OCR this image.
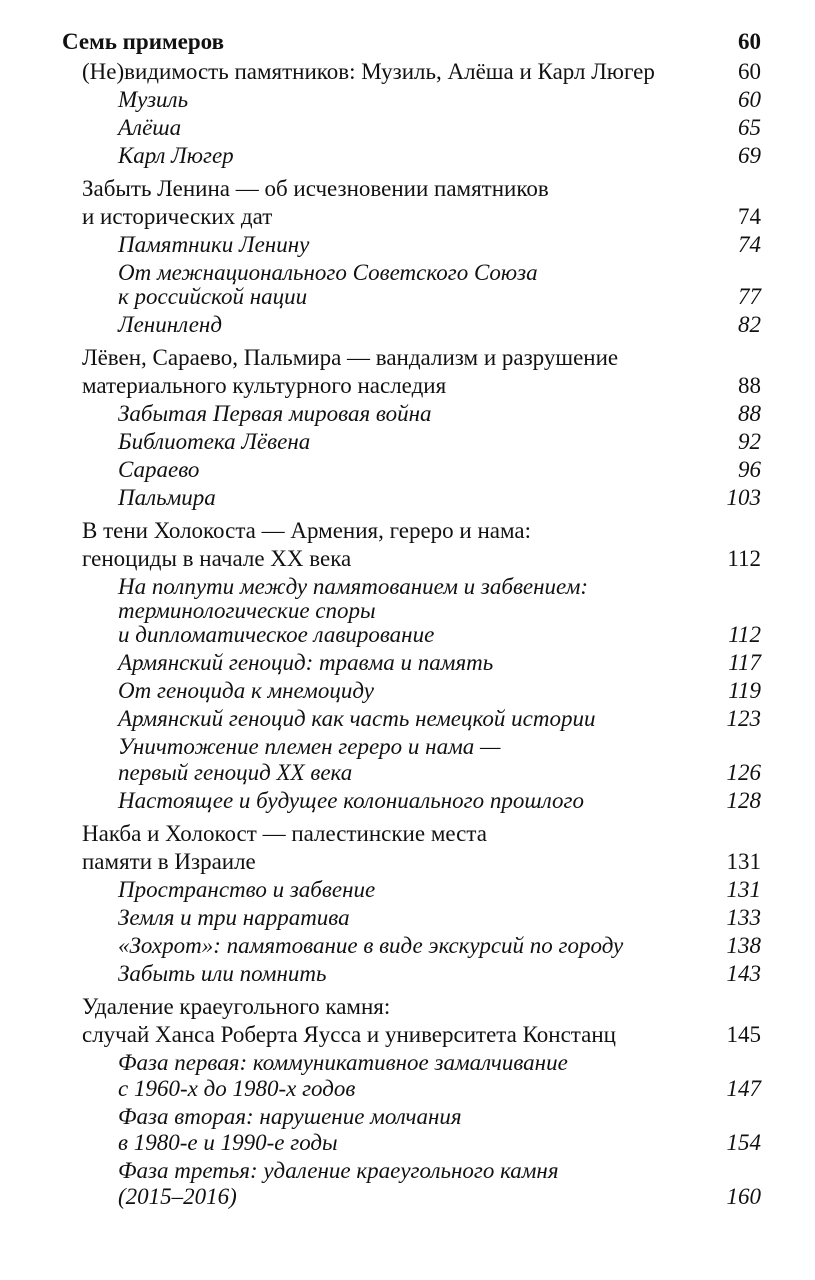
Семь примеров	60
(Не)видимость памятников: Музиль, Алёша и Карл Люгер	60
Музиль	60
Алёша	65
Карл Люгер	69
Забыть Ленина — об исчезновении памятников
и исторических дат	74
Памятники Ленину	74
От межнационального Советского Союза
к российской нации	77
Ленинленд	82
Лёвен, Сараево, Пальмира — вандализм и разрушение
материального культурного наследия	88
Забытая Первая мировая война	88
Библиотека Лёвена	92
Сараево	96
Пальмира	103
В тени Холокоста — Армения, гереро и нама:
геноциды в начале XX века	112
На полпути между памятованием и забвением:
терминологические споры
и дипломатическое лавирование	112
Армянский геноцид: травма и память	117
От геноцида к мнемоциду	119
Армянский геноцид как часть немецкой истории	123
Уничтожение племен гереро и нама —
первый геноцид XX века	126
Настоящее и будущее колониального прошлого	128
Накба и Холокост — палестинские места
памяти в Израиле	131
Пространство и забвение	131
Земля и три нарратива	133
«Зохрот»: памятование в виде экскурсий по городу	138
Забыть или помнить	143
Удаление краеугольного камня:
случай Ханса Роберта Яусса и университета Констанц	145
Фаза первая: коммуникативное замалчивание
с 1960-х до 1980-х годов	147
Фаза вторая: нарушение молчания
в 1980-е и 1990-е годы	154
Фаза третья: удаление краеугольного камня
(2015–2016)	160
